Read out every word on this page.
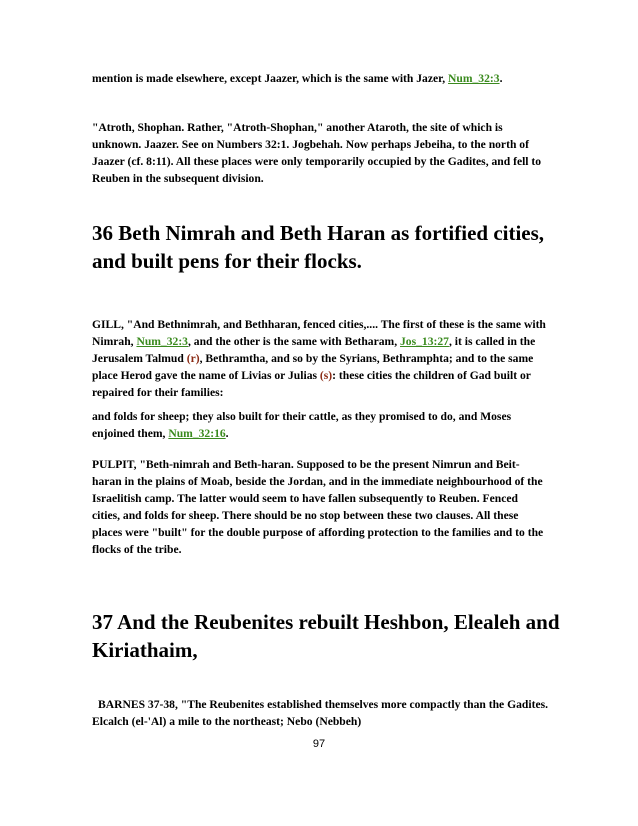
mention is made elsewhere, except Jaazer, which is the same with Jazer, Num_32:3.

"Atroth, Shophan. Rather, "Atroth-Shophan," another Ataroth, the site of which is unknown. Jaazer. See on Numbers 32:1. Jogbehah. Now perhaps Jebeiha, to the north of Jaazer (cf. 8:11). All these places were only temporarily occupied by the Gadites, and fell to Reuben in the subsequent division.

36 Beth Nimrah and Beth Haran as fortified cities, and built pens for their flocks.

GILL, "And Bethnimrah, and Bethharan, fenced cities,.... The first of these is the same with Nimrah, Num_32:3, and the other is the same with Betharam, Jos_13:27, it is called in the Jerusalem Talmud (r), Bethramtha, and so by the Syrians, Bethramphta; and to the same place Herod gave the name of Livias or Julias (s): these cities the children of Gad built or repaired for their families:

and folds for sheep; they also built for their cattle, as they promised to do, and Moses enjoined them, Num_32:16.

PULPIT, "Beth-nimrah and Beth-haran. Supposed to be the present Nimrun and Beit-haran in the plains of Moab, beside the Jordan, and in the immediate neighbourhood of the Israelitish camp. The latter would seem to have fallen subsequently to Reuben. Fenced cities, and folds for sheep. There should be no stop between these two clauses. All these places were "built" for the double purpose of affording protection to the families and to the flocks of the tribe.

37 And the Reubenites rebuilt Heshbon, Elealeh and Kiriathaim,

BARNES 37-38, "The Reubenites established themselves more compactly than the Gadites. Elcalch (el-'Al) a mile to the northeast; Nebo (Nebbeh)

97
